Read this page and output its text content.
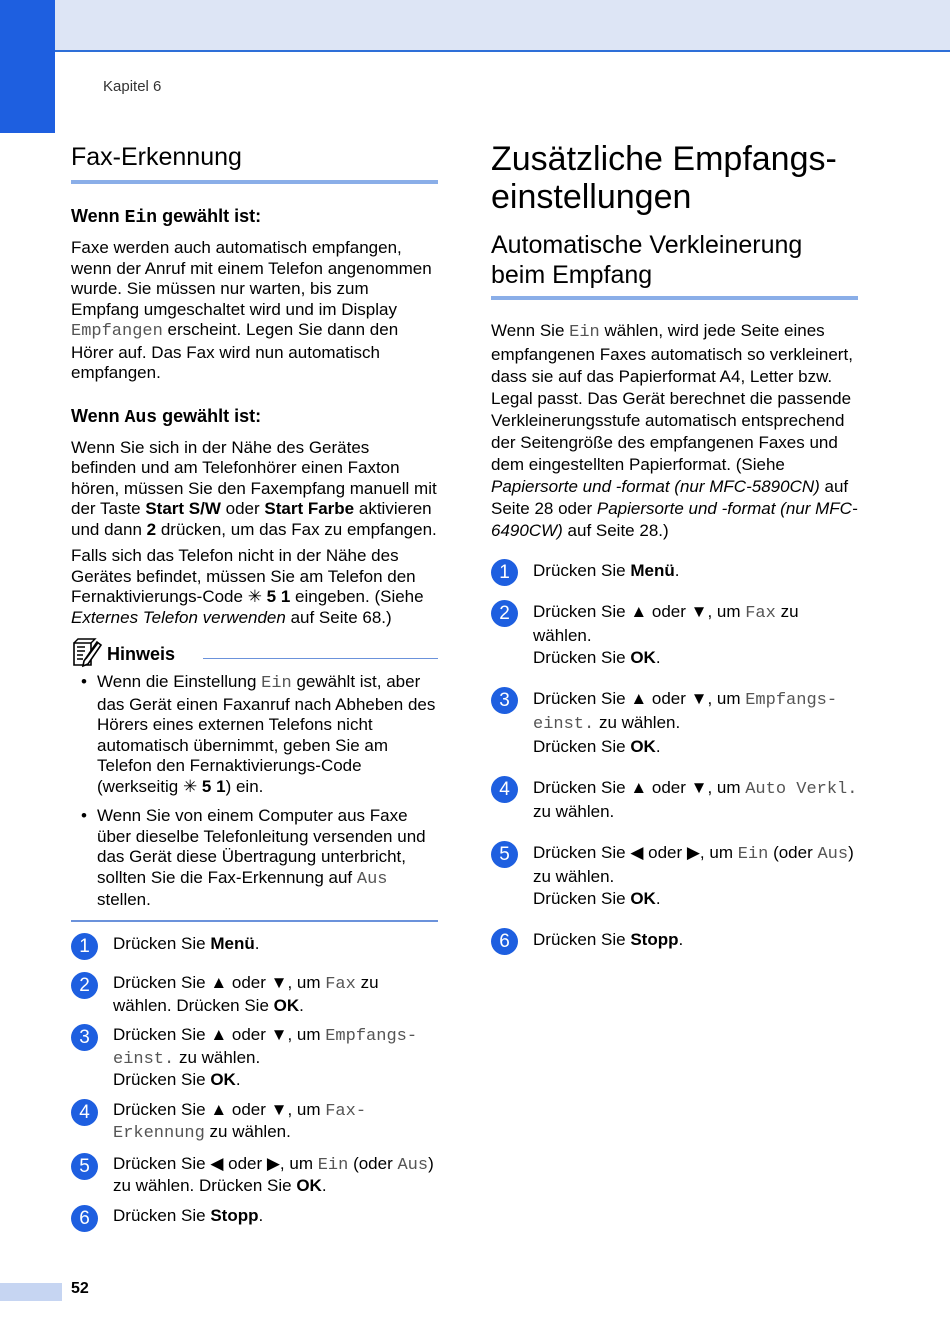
Kapitel 6
Fax-Erkennung
Wenn Ein gewählt ist:

Faxe werden auch automatisch empfangen, wenn der Anruf mit einem Telefon angenommen wurde. Sie müssen nur warten, bis zum Empfang umgeschaltet wird und im Display Empfangen erscheint. Legen Sie dann den Hörer auf. Das Fax wird nun automatisch empfangen.

Wenn Aus gewählt ist:

Wenn Sie sich in der Nähe des Gerätes befinden und am Telefonhörer einen Faxton hören, müssen Sie den Faxempfang manuell mit der Taste Start S/W oder Start Farbe aktivieren und dann 2 drücken, um das Fax zu empfangen.

Falls sich das Telefon nicht in der Nähe des Gerätes befindet, müssen Sie am Telefon den Fernaktivierungs-Code ✳ 5 1 eingeben. (Siehe Externes Telefon verwenden auf Seite 68.)

Hinweis
• Wenn die Einstellung Ein gewählt ist, aber das Gerät einen Faxanruf nach Abheben des Hörers eines externen Telefons nicht automatisch übernimmt, geben Sie am Telefon den Fernaktivierungs-Code (werkseitig ✳ 5 1) ein.
• Wenn Sie von einem Computer aus Faxe über dieselbe Telefonleitung versenden und das Gerät diese Übertragung unterbricht, sollten Sie die Fax-Erkennung auf Aus stellen.
1	Drücken Sie Menü.
2	Drücken Sie ▲ oder ▼, um Fax zu wählen. Drücken Sie OK.
3	Drücken Sie ▲ oder ▼, um Empfangs-einst. zu wählen.
Drücken Sie OK.
4	Drücken Sie ▲ oder ▼, um Fax-Erkennung zu wählen.
5	Drücken Sie ◀ oder ▶, um Ein (oder Aus) zu wählen. Drücken Sie OK.
6	Drücken Sie Stopp.
Zusätzliche Empfangs-einstellungen
Automatische Verkleinerung beim Empfang

Wenn Sie Ein wählen, wird jede Seite eines empfangenen Faxes automatisch so verkleinert, dass sie auf das Papierformat A4, Letter bzw. Legal passt. Das Gerät berechnet die passende Verkleinerungsstufe automatisch entsprechend der Seitengröße des empfangenen Faxes und dem eingestellten Papierformat. (Siehe Papiersorte und -format (nur MFC-5890CN) auf Seite 28 oder Papiersorte und -format (nur MFC-6490CW) auf Seite 28.)

1	Drücken Sie Menü.
2	Drücken Sie ▲ oder ▼, um Fax zu wählen.
Drücken Sie OK.
3	Drücken Sie ▲ oder ▼, um Empfangs-einst. zu wählen.
Drücken Sie OK.
4	Drücken Sie ▲ oder ▼, um Auto Verkl. zu wählen.
5	Drücken Sie ◀ oder ▶, um Ein (oder Aus) zu wählen.
Drücken Sie OK.
6	Drücken Sie Stopp.
52
